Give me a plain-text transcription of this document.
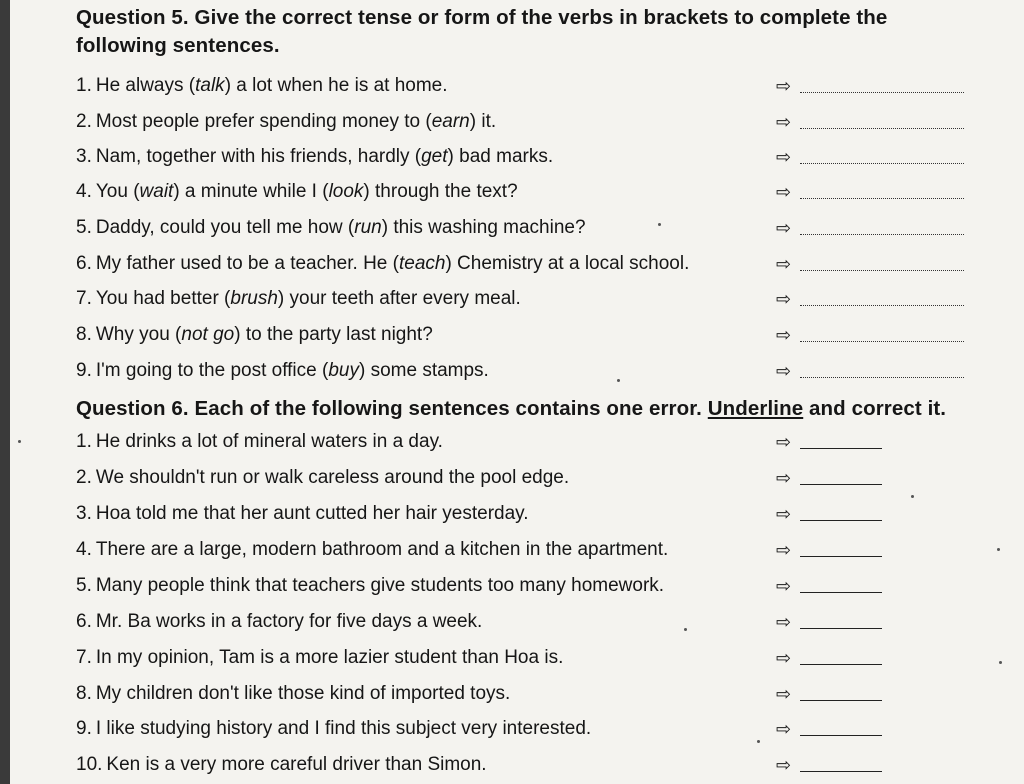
Question 5. Give the correct tense or form of the verbs in brackets to complete the following sentences.
1. He always (talk) a lot when he is at home.
2. Most people prefer spending money to (earn) it.
3. Nam, together with his friends, hardly (get) bad marks.
4. You (wait) a minute while I (look) through the text?
5. Daddy, could you tell me how (run) this washing machine?
6. My father used to be a teacher. He (teach) Chemistry at a local school.
7. You had better (brush) your teeth after every meal.
8. Why you (not go) to the party last night?
9. I'm going to the post office (buy) some stamps.
⇨
⇨
⇨
⇨
⇨
⇨
⇨
⇨
⇨
Question 6. Each of the following sentences contains one error. Underline and correct it.
1. He drinks a lot of mineral waters in a day.
2. We shouldn't run or walk careless around the pool edge.
3. Hoa told me that her aunt cutted her hair yesterday.
4. There are a large, modern bathroom and a kitchen in the apartment.
5. Many people think that teachers give students too many homework.
6. Mr. Ba works in a factory for five days a week.
7. In my opinion, Tam is a more lazier student than Hoa is.
8. My children don't like those kind of imported toys.
9. I like studying history and I find this subject very interested.
10. Ken is a very more careful driver than Simon.
⇨
⇨
⇨
⇨
⇨
⇨
⇨
⇨
⇨
⇨
